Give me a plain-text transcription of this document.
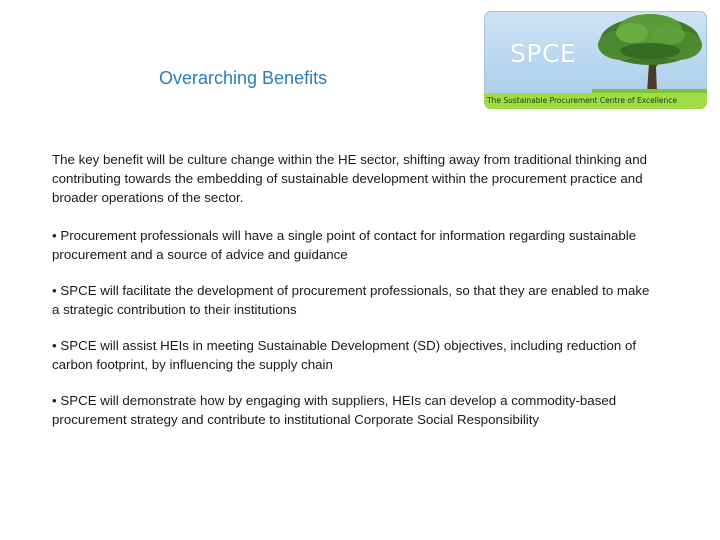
Overarching Benefits
SPCE
The Sustainable Procurement Centre of Excellence

The key benefit will be culture change within the HE sector, shifting away from traditional thinking and contributing towards the embedding of sustainable development within the procurement practice and broader operations of the sector.

• Procurement professionals will have a single point of contact for information regarding sustainable procurement and a source of advice and guidance

• SPCE will facilitate the development of procurement professionals, so that they are enabled to make a strategic contribution to their institutions

• SPCE will assist HEIs in meeting Sustainable Development (SD) objectives, including reduction of carbon footprint, by influencing the supply chain

• SPCE will demonstrate how by engaging with suppliers, HEIs can develop a commodity-based procurement strategy and contribute to institutional Corporate Social Responsibility
